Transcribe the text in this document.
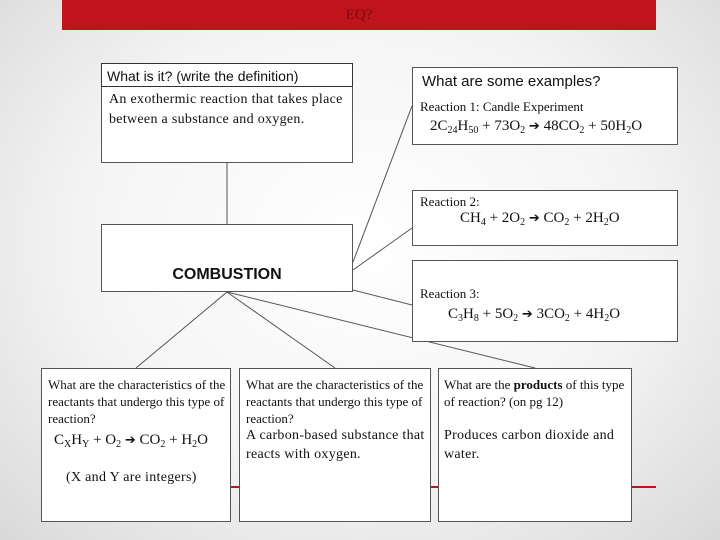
EQ?
What is it? (write the definition)
An exothermic reaction that takes place between a substance and oxygen.
What are some examples?
Reaction 1: Candle Experiment
$2C_{24}H_{50} + 73O_2$ ➔ $48CO_2 + 50H_2O$
Reaction 2:
$CH_4 + 2O_2$ ➔ $CO_2 + 2H_2O$
COMBUSTION
Reaction 3:
$C_3H_8 + 5O_2$ ➔ $3CO_2 + 4H_2O$
What are the characteristics of the reactants that undergo this type of reaction?
$C_XH_Y + O_2$ ➔ $CO_2 + H_2O$
(X and Y are integers)
What are the characteristics of the reactants that undergo this type of reaction?
A carbon-based substance that reacts with oxygen.
What are the products of this type of reaction? (on pg 12)
Produces carbon dioxide and water.
